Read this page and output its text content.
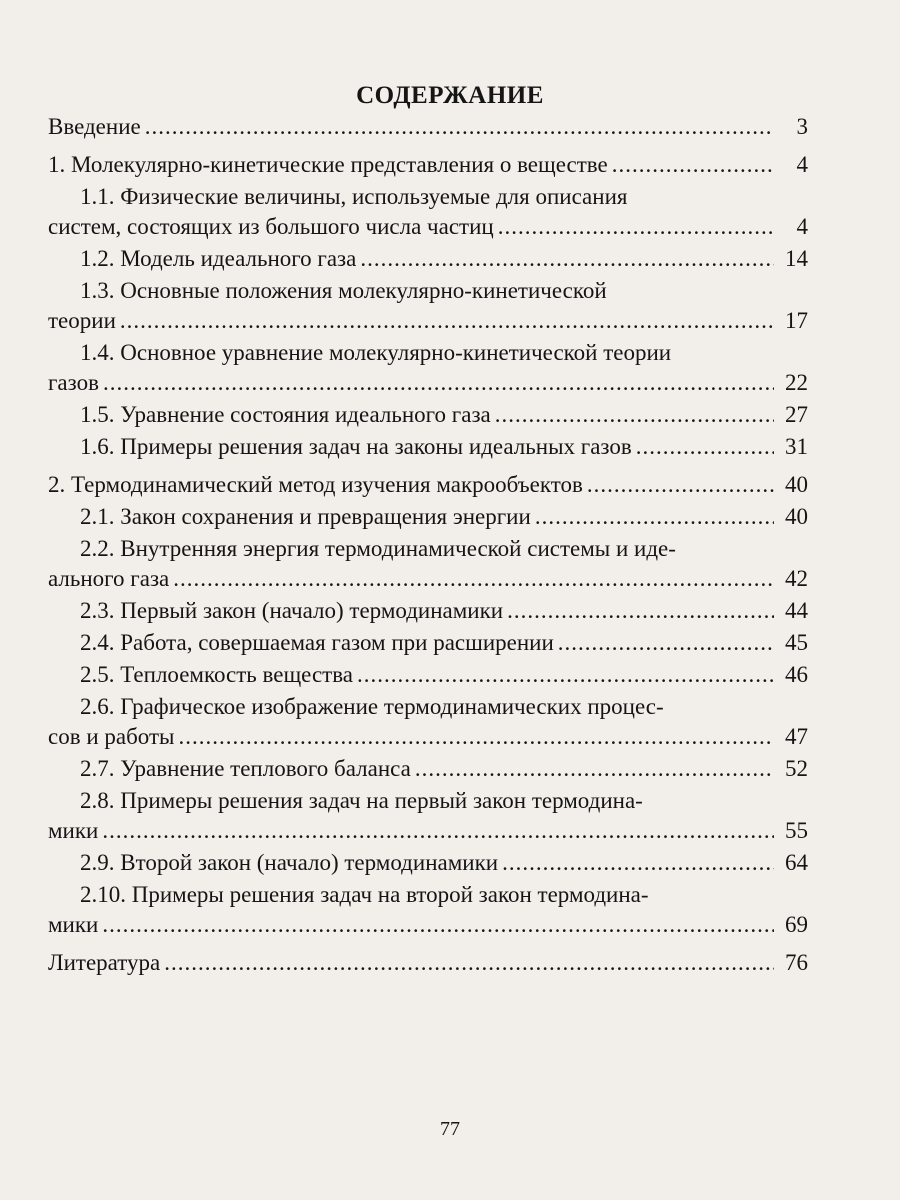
СОДЕРЖАНИЕ
Введение .....	3
1. Молекулярно-кинетические представления о веществе .....	4
1.1. Физические величины, используемые для описания
систем, состоящих из большого числа частиц .....	4
1.2. Модель идеального газа .....	14
1.3. Основные положения молекулярно-кинетической
теории .....	17
1.4. Основное уравнение молекулярно-кинетической теории
газов .....	22
1.5. Уравнение состояния идеального газа .....	27
1.6. Примеры решения задач на законы идеальных газов .....	31
2. Термодинамический метод изучения макрообъектов .....	40
2.1. Закон сохранения и превращения энергии .....	40
2.2. Внутренняя энергия термодинамической системы и иде-
ального газа .....	42
2.3. Первый закон (начало) термодинамики .....	44
2.4. Работа, совершаемая газом при расширении .....	45
2.5. Теплоемкость вещества .....	46
2.6. Графическое изображение термодинамических процес-
сов и работы .....	47
2.7. Уравнение теплового баланса .....	52
2.8. Примеры решения задач на первый закон термодина-
мики .....	55
2.9. Второй закон (начало) термодинамики .....	64
2.10. Примеры решения задач на второй закон термодина-
мики .....	69
Литература .....	76
77
